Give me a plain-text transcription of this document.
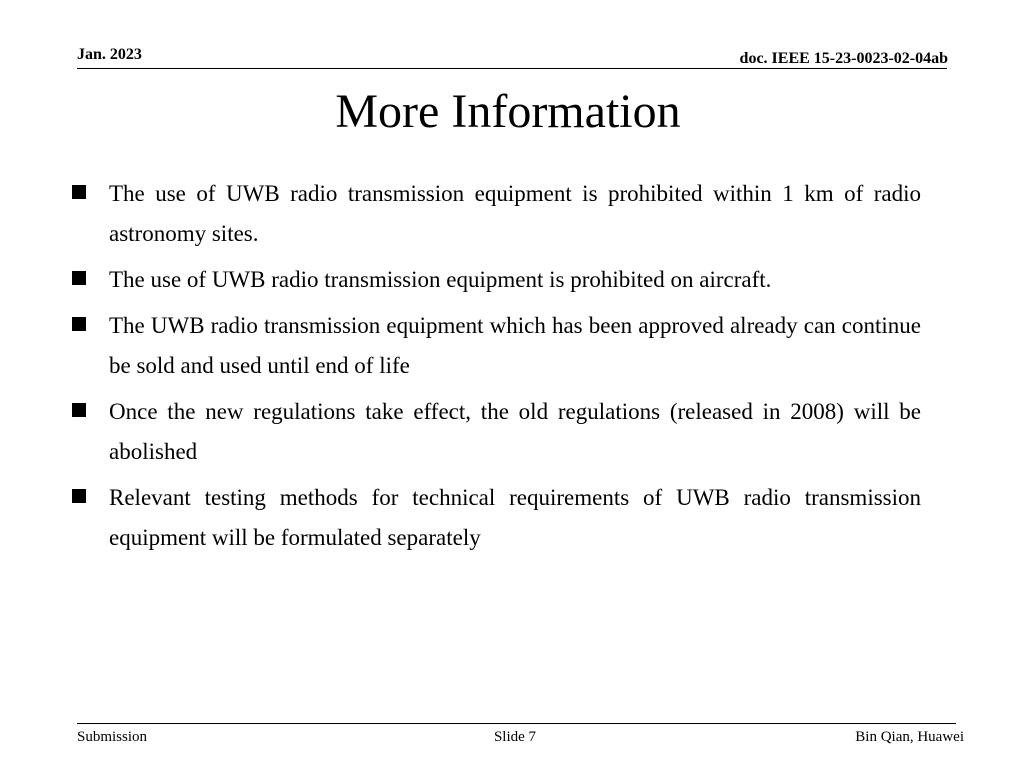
Jan. 2023	doc. IEEE 15-23-0023-02-04ab
More Information
The use of UWB radio transmission equipment is prohibited within 1 km of radio astronomy sites.
The use of UWB radio transmission equipment is prohibited on aircraft.
The UWB radio transmission equipment which has been approved already can continue be sold and used until end of life
Once the new regulations take effect, the old regulations (released in 2008) will be abolished
Relevant testing methods for technical requirements of UWB radio transmission equipment will be formulated separately
Submission	Slide 7	Bin Qian, Huawei
